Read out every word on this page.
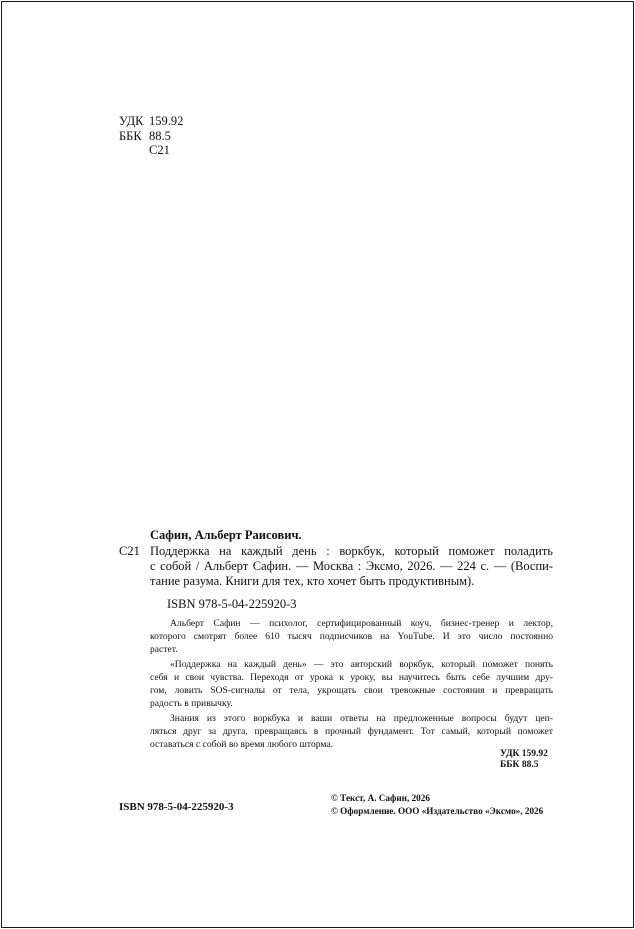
УДК 159.92
ББК 88.5
С21
Сафин, Альберт Раисович.
С21 Поддержка на каждый день : воркбук, который поможет поладить
с собой / Альберт Сафин. — Москва : Эксмо, 2026. — 224 с. — (Воспи-
тание разума. Книги для тех, кто хочет быть продуктивным).
ISBN 978-5-04-225920-3
Альберт Сафин — психолог, сертифицированный коуч, бизнес-тренер и лектор,
которого смотрят более 610 тысяч подписчиков на YouTube. И это число постоянно
растет.
«Поддержка на каждый день» — это авторский воркбук, который поможет понять
себя и свои чувства. Переходя от урока к уроку, вы научитесь быть себе лучшим дру-
гом, ловить SOS-сигналы от тела, укрощать свои тревожные состояния и превращать
радость в привычку.
Знания из этого воркбука и ваши ответы на предложенные вопросы будут цеп-
ляться друг за друга, превращаясь в прочный фундамент. Тот самый, который поможет
оставаться с собой во время любого шторма.
УДК 159.92
ББК 88.5
ISBN 978-5-04-225920-3
© Текст, А. Сафин, 2026
© Оформление. ООО «Издательство «Эксмо», 2026
